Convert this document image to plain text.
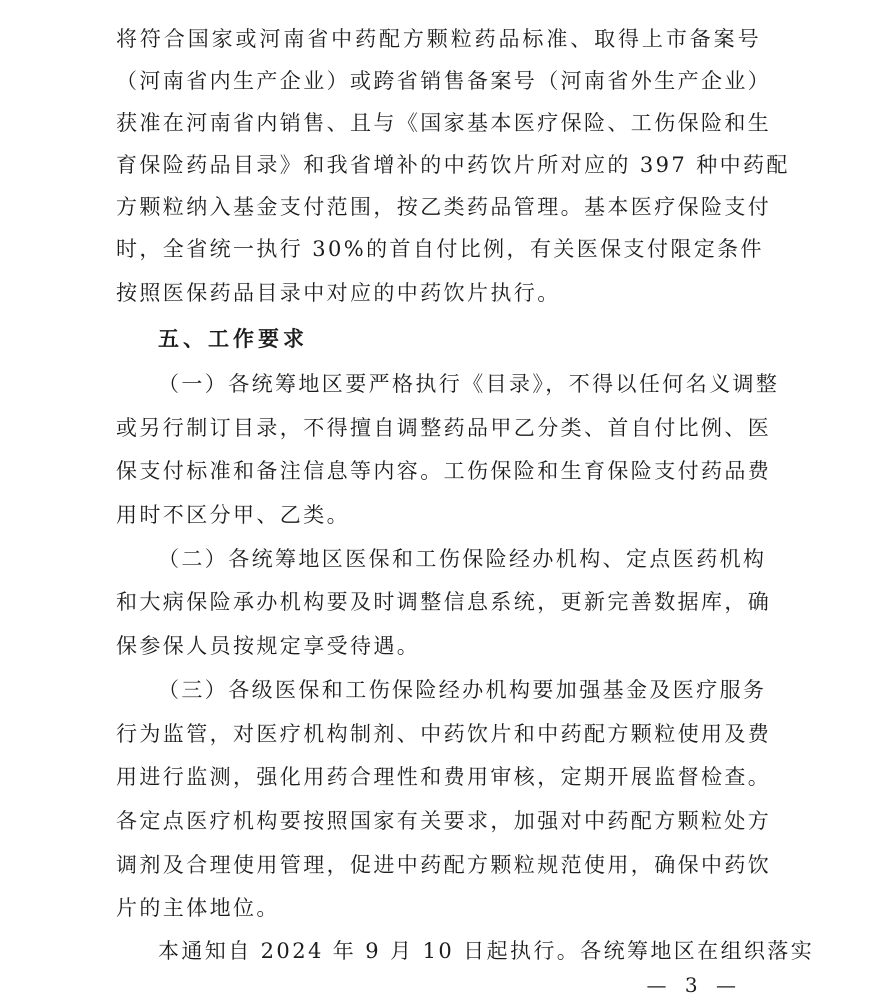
将符合国家或河南省中药配方颗粒药品标准、取得上市备案号
（河南省内生产企业）或跨省销售备案号（河南省外生产企业）
获准在河南省内销售、且与《国家基本医疗保险、工伤保险和生
育保险药品目录》和我省增补的中药饮片所对应的 397 种中药配
方颗粒纳入基金支付范围，按乙类药品管理。基本医疗保险支付
时，全省统一执行 30%的首自付比例，有关医保支付限定条件
按照医保药品目录中对应的中药饮片执行。
五、工作要求
（一）各统筹地区要严格执行《目录》，不得以任何名义调整
或另行制订目录，不得擅自调整药品甲乙分类、首自付比例、医
保支付标准和备注信息等内容。工伤保险和生育保险支付药品费
用时不区分甲、乙类。
（二）各统筹地区医保和工伤保险经办机构、定点医药机构
和大病保险承办机构要及时调整信息系统，更新完善数据库，确
保参保人员按规定享受待遇。
（三）各级医保和工伤保险经办机构要加强基金及医疗服务
行为监管，对医疗机构制剂、中药饮片和中药配方颗粒使用及费
用进行监测，强化用药合理性和费用审核，定期开展监督检查。
各定点医疗机构要按照国家有关要求，加强对中药配方颗粒处方
调剂及合理使用管理，促进中药配方颗粒规范使用，确保中药饮
片的主体地位。
本通知自 2024 年 9 月 10 日起执行。各统筹地区在组织落实
— 3 —
